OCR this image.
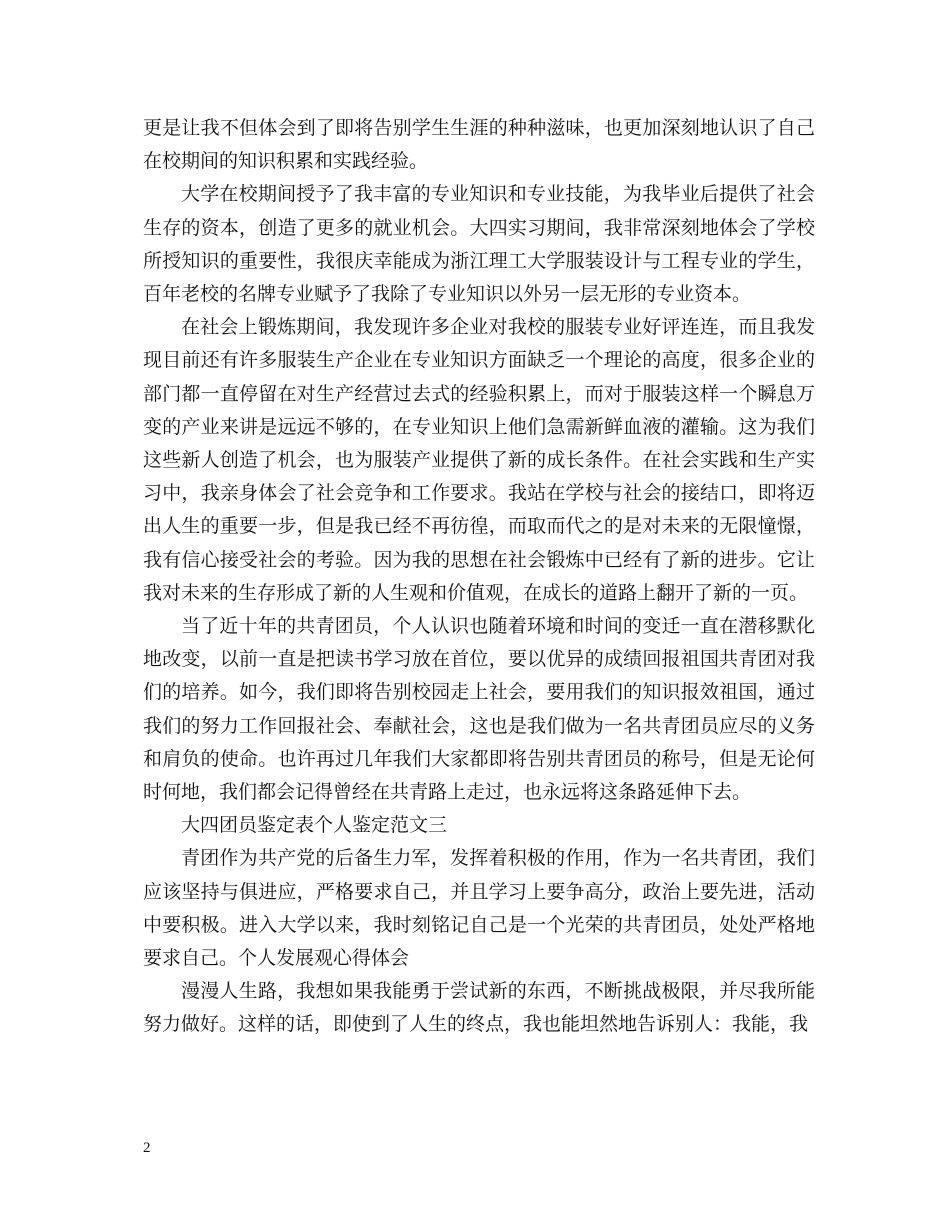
更是让我不但体会到了即将告别学生生涯的种种滋味，也更加深刻地认识了自己在校期间的知识积累和实践经验。

大学在校期间授予了我丰富的专业知识和专业技能，为我毕业后提供了社会生存的资本，创造了更多的就业机会。大四实习期间，我非常深刻地体会了学校所授知识的重要性，我很庆幸能成为浙江理工大学服装设计与工程专业的学生，百年老校的名牌专业赋予了我除了专业知识以外另一层无形的专业资本。

在社会上锻炼期间，我发现许多企业对我校的服装专业好评连连，而且我发现目前还有许多服装生产企业在专业知识方面缺乏一个理论的高度，很多企业的部门都一直停留在对生产经营过去式的经验积累上，而对于服装这样一个瞬息万变的产业来讲是远远不够的，在专业知识上他们急需新鲜血液的灌输。这为我们这些新人创造了机会，也为服装产业提供了新的成长条件。在社会实践和生产实习中，我亲身体会了社会竞争和工作要求。我站在学校与社会的接结口，即将迈出人生的重要一步，但是我已经不再彷徨，而取而代之的是对未来的无限憧憬，我有信心接受社会的考验。因为我的思想在社会锻炼中已经有了新的进步。它让我对未来的生存形成了新的人生观和价值观，在成长的道路上翻开了新的一页。

当了近十年的共青团员，个人认识也随着环境和时间的变迁一直在潜移默化地改变，以前一直是把读书学习放在首位，要以优异的成绩回报祖国共青团对我们的培养。如今，我们即将告别校园走上社会，要用我们的知识报效祖国，通过我们的努力工作回报社会、奉献社会，这也是我们做为一名共青团员应尽的义务和肩负的使命。也许再过几年我们大家都即将告别共青团员的称号，但是无论何时何地，我们都会记得曾经在共青路上走过，也永远将这条路延伸下去。

大四团员鉴定表个人鉴定范文三

青团作为共产党的后备生力军，发挥着积极的作用，作为一名共青团，我们应该坚持与俱进应，严格要求自己，并且学习上要争高分，政治上要先进，活动中要积极。进入大学以来，我时刻铭记自己是一个光荣的共青团员，处处严格地要求自己。个人发展观心得体会

漫漫人生路，我想如果我能勇于尝试新的东西，不断挑战极限，并尽我所能努力做好。这样的话，即使到了人生的终点，我也能坦然地告诉别人：我能，我

2
